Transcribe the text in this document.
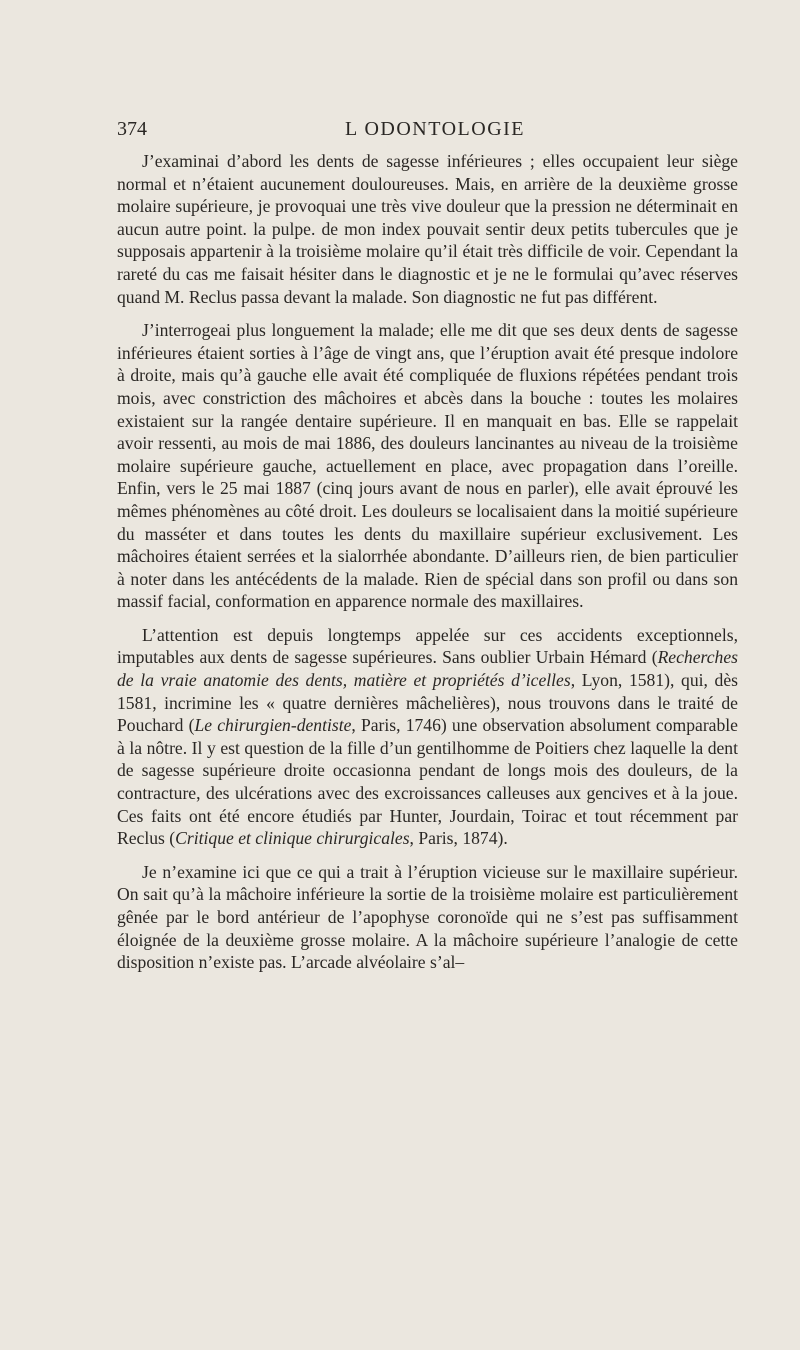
374	L ODONTOLOGIE

J’examinai d’abord les dents de sagesse inférieures ; elles occupaient leur siège normal et n’étaient aucunement douloureuses. Mais, en arrière de la deuxième grosse molaire supérieure, je provoquai une très vive douleur que la pression ne déterminait en aucun autre point. la pulpe. de mon index pouvait sentir deux petits tubercules que je supposais appartenir à la troisième molaire qu’il était très difficile de voir. Cependant la rareté du cas me faisait hésiter dans le diagnostic et je ne le formulai qu’avec réserves quand M. Reclus passa devant la malade. Son diagnostic ne fut pas différent.

J’interrogeai plus longuement la malade; elle me dit que ses deux dents de sagesse inférieures étaient sorties à l’âge de vingt ans, que l’éruption avait été presque indolore à droite, mais qu’à gauche elle avait été compliquée de fluxions répétées pendant trois mois, avec constriction des mâchoires et abcès dans la bouche : toutes les molaires existaient sur la rangée dentaire supérieure. Il en manquait en bas. Elle se rappelait avoir ressenti, au mois de mai 1886, des douleurs lancinantes au niveau de la troisième molaire supérieure gauche, actuellement en place, avec propagation dans l’oreille. Enfin, vers le 25 mai 1887 (cinq jours avant de nous en parler), elle avait éprouvé les mêmes phénomènes au côté droit. Les douleurs se localisaient dans la moitié supérieure du masséter et dans toutes les dents du maxillaire supérieur exclusivement. Les mâchoires étaient serrées et la sialorrhée abondante. D’ailleurs rien, de bien particulier à noter dans les antécédents de la malade. Rien de spécial dans son profil ou dans son massif facial, conformation en apparence normale des maxillaires.

L’attention est depuis longtemps appelée sur ces accidents exceptionnels, imputables aux dents de sagesse supérieures. Sans oublier Urbain Hémard (Recherches de la vraie anatomie des dents, matière et propriétés d’icelles, Lyon, 1581), qui, dès 1581, incrimine les « quatre dernières mâchelières), nous trouvons dans le traité de Pouchard (Le chirurgien-dentiste, Paris, 1746) une observation absolument comparable à la nôtre. Il y est question de la fille d’un gentilhomme de Poitiers chez laquelle la dent de sagesse supérieure droite occasionna pendant de longs mois des douleurs, de la contracture, des ulcérations avec des excroissances calleuses aux gencives et à la joue. Ces faits ont été encore étudiés par Hunter, Jourdain, Toirac et tout récemment par Reclus (Critique et clinique chirurgicales, Paris, 1874).

Je n’examine ici que ce qui a trait à l’éruption vicieuse sur le maxillaire supérieur. On sait qu’à la mâchoire inférieure la sortie de la troisième molaire est particulièrement gênée par le bord antérieur de l’apophyse coronoïde qui ne s’est pas suffisamment éloignée de la deuxième grosse molaire. A la mâchoire supérieure l’analogie de cette disposition n’existe pas. L’arcade alvéolaire s’al–
